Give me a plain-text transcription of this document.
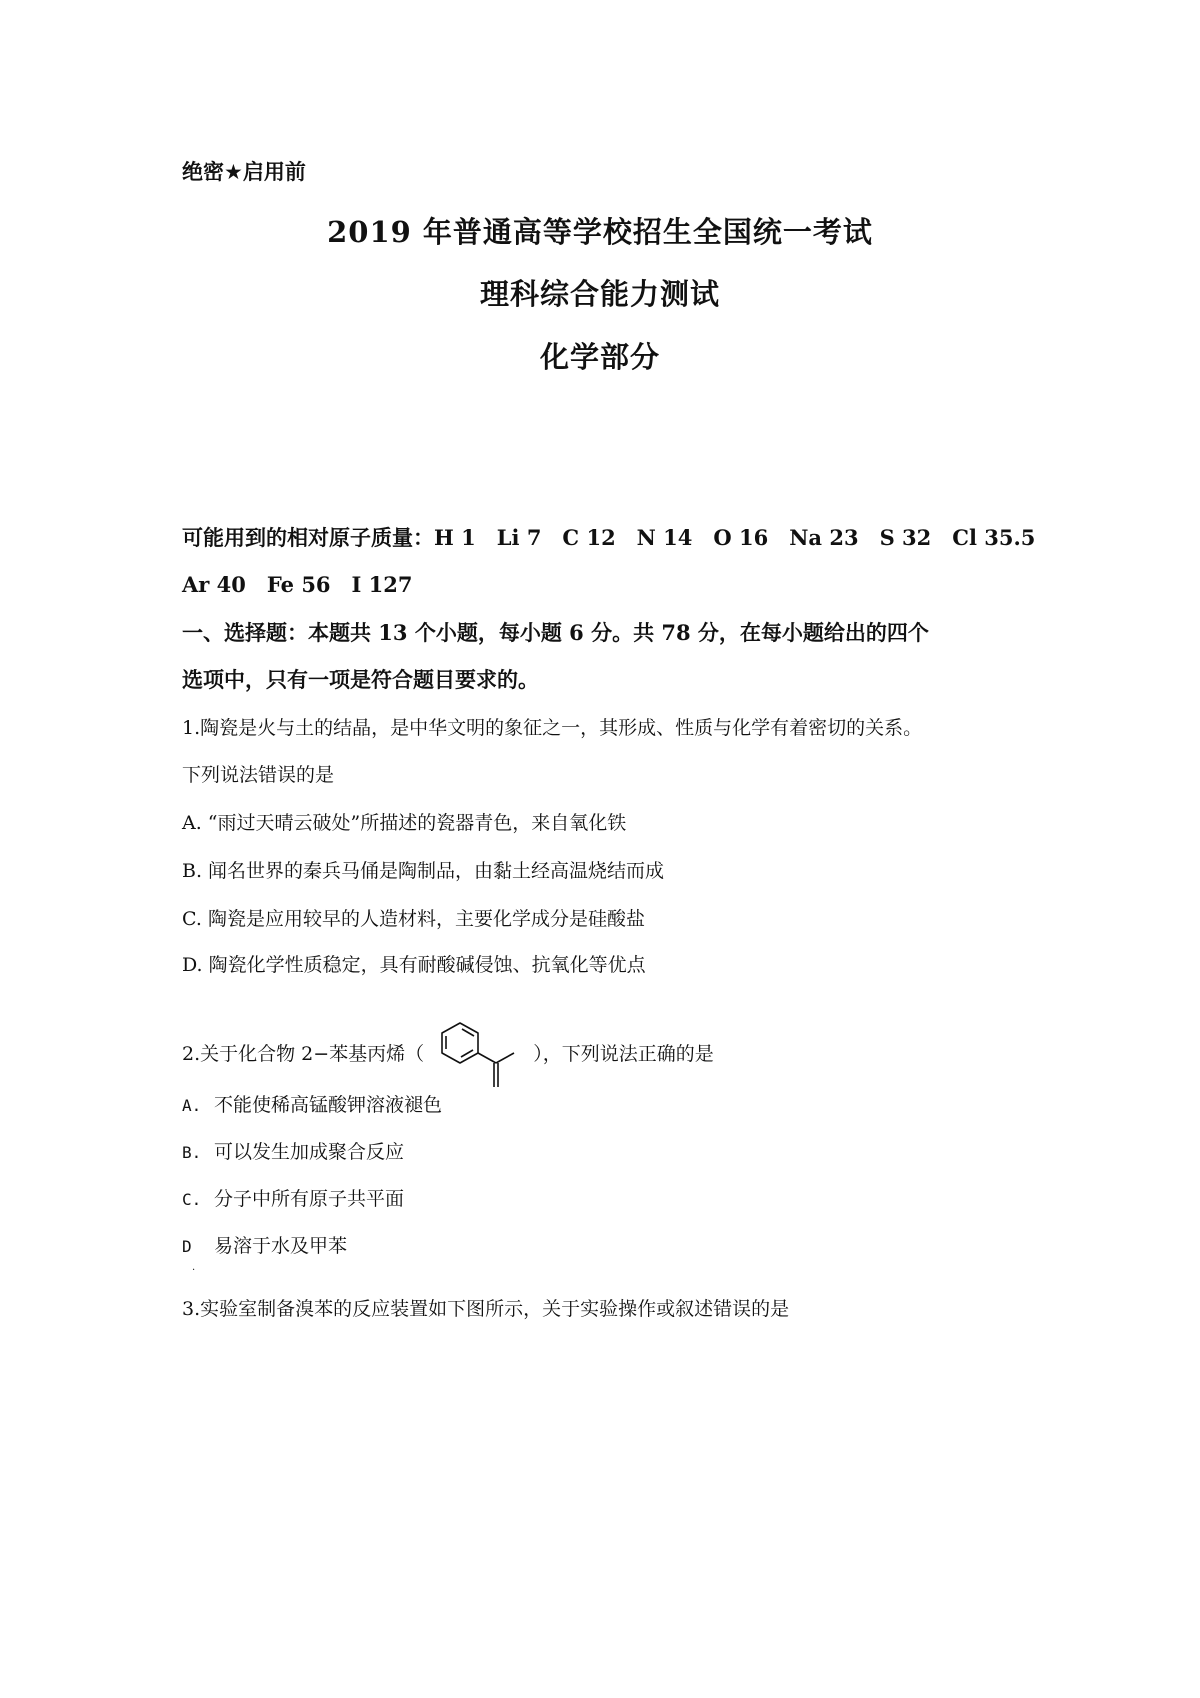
绝密★启用前
2019 年普通高等学校招生全国统一考试
理科综合能力测试
化学部分
可能用到的相对原子质量：H 1　Li 7　C 12　N 14　O 16　Na 23　S 32　Cl 35.5
Ar 40　Fe 56　I 127
一、选择题：本题共 13 个小题，每小题 6 分。共 78 分，在每小题给出的四个
选项中，只有一项是符合题目要求的。
1.陶瓷是火与土的结晶，是中华文明的象征之一，其形成、性质与化学有着密切的关系。
下列说法错误的是
A. “雨过天晴云破处”所描述的瓷器青色，来自氧化铁
B. 闻名世界的秦兵马俑是陶制品，由黏土经高温烧结而成
C. 陶瓷是应用较早的人造材料，主要化学成分是硅酸盐
D. 陶瓷化学性质稳定，具有耐酸碱侵蚀、抗氧化等优点
2.关于化合物 2−苯基丙烯（	），下列说法正确的是
A. 不能使稀高锰酸钾溶液褪色
B. 可以发生加成聚合反应
C. 分子中所有原子共平面
D 易溶于水及甲苯
.
3.实验室制备溴苯的反应装置如下图所示，关于实验操作或叙述错误的是
